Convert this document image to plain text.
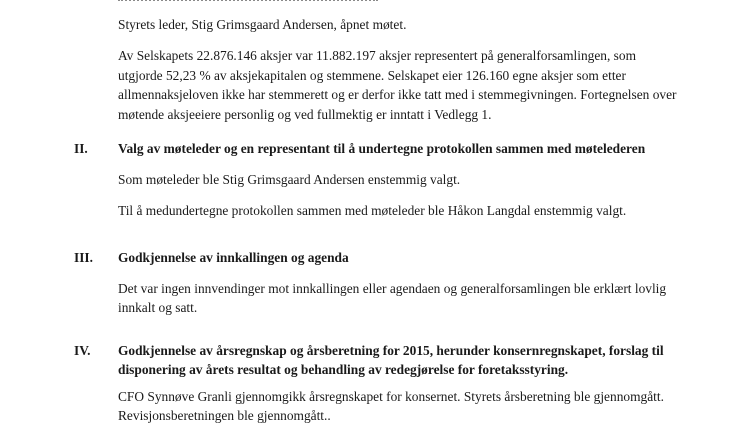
Styrets leder, Stig Grimsgaard Andersen, åpnet møtet.

Av Selskapets 22.876.146 aksjer var 11.882.197 aksjer representert på generalforsamlingen, som utgjorde 52,23 % av aksjekapitalen og stemmene. Selskapet eier 126.160 egne aksjer som etter allmennaksjeloven ikke har stemmerett og er derfor ikke tatt med i stemmegivningen. Fortegnelsen over møtende aksjeeiere personlig og ved fullmektig er inntatt i Vedlegg 1.

II. Valg av møteleder og en representant til å undertegne protokollen sammen med møtelederen

Som møteleder ble Stig Grimsgaard Andersen enstemmig valgt.

Til å medundertegne protokollen sammen med møteleder ble Håkon Langdal enstemmig valgt.

III. Godkjennelse av innkallingen og agenda

Det var ingen innvendinger mot innkallingen eller agendaen og generalforsamlingen ble erklært lovlig innkalt og satt.

IV. Godkjennelse av årsregnskap og årsberetning for 2015, herunder konsernregnskapet, forslag til disponering av årets resultat og behandling av redegjørelse for foretaksstyring.

CFO Synnøve Granli gjennomgikk årsregnskapet for konsernet. Styrets årsberetning ble gjennomgått. Revisjonsberetningen ble gjennomgått..
